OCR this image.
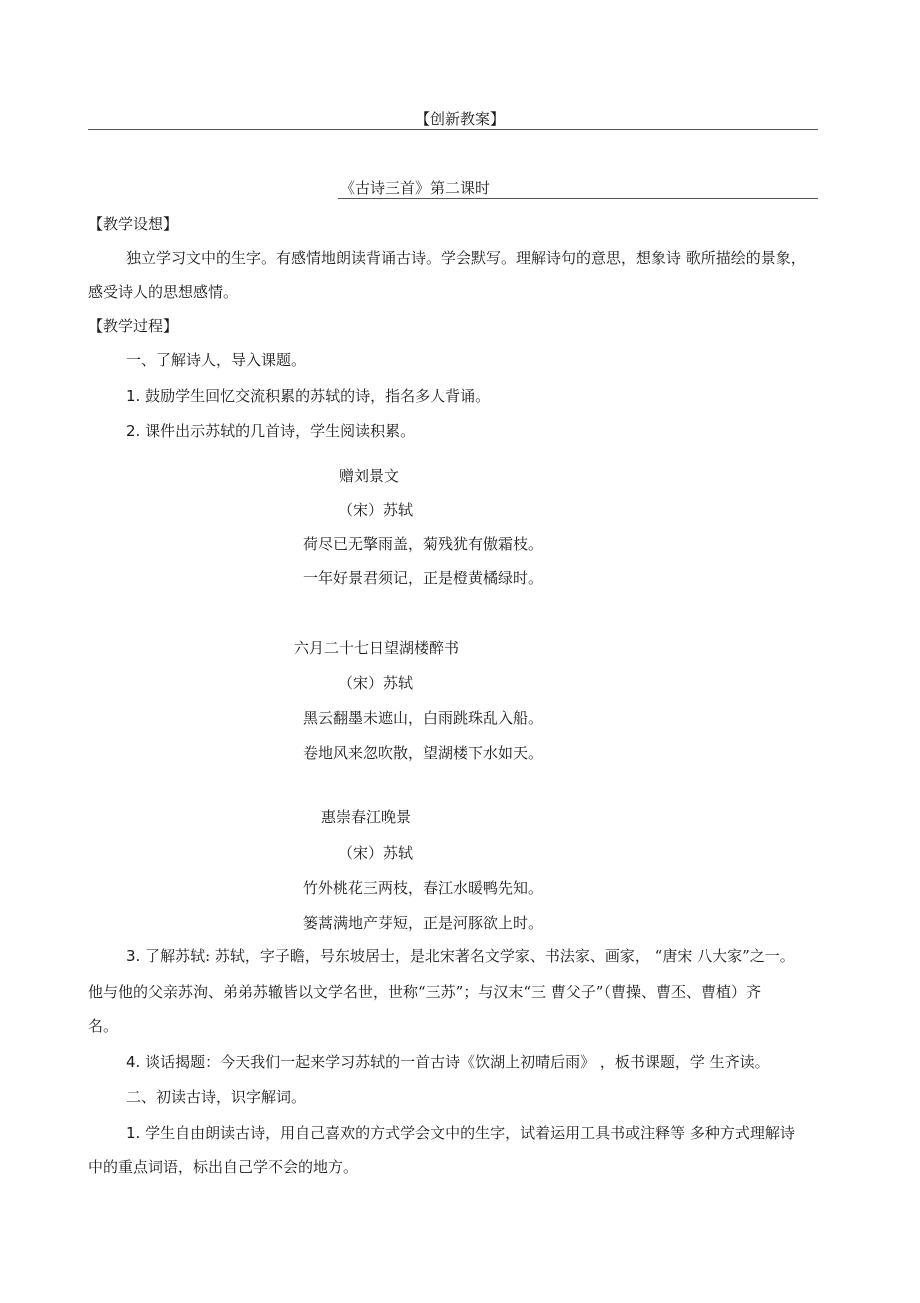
【创新教案】
《古诗三首》第二课时
【教学设想】
独立学习文中的生字。有感情地朗读背诵古诗。学会默写。理解诗句的意思，想象诗 歌所描绘的景象，
感受诗人的思想感情。
【教学过程】
一、了解诗人，导入课题。
1. 鼓励学生回忆交流积累的苏轼的诗，指名多人背诵。
2. 课件出示苏轼的几首诗，学生阅读积累。
赠刘景文
（宋）苏轼
荷尽已无擎雨盖，菊残犹有傲霜枝。
一年好景君须记，正是橙黄橘绿时。
六月二十七日望湖楼醉书
（宋）苏轼
黑云翻墨未遮山，白雨跳珠乱入船。
卷地风来忽吹散，望湖楼下水如天。
惠崇春江晚景
（宋）苏轼
竹外桃花三两枝，春江水暖鸭先知。
篓蒿满地产芽短，正是河豚欲上时。
3. 了解苏轼: 苏轼，字子瞻，号东坡居士，是北宋著名文学家、书法家、画家， “唐宋 八大家”之一。
他与他的父亲苏洵、弟弟苏辙皆以文学名世，世称“三苏”；与汉末“三 曹父子”（曹操、曹丕、曹植）齐
名。
4. 谈话揭题：今天我们一起来学习苏轼的一首古诗《饮湖上初晴后雨》 ，板书课题，学 生齐读。
二、初读古诗，识字解词。
1. 学生自由朗读古诗，用自己喜欢的方式学会文中的生字，试着运用工具书或注释等 多种方式理解诗
中的重点词语，标出自己学不会的地方。
